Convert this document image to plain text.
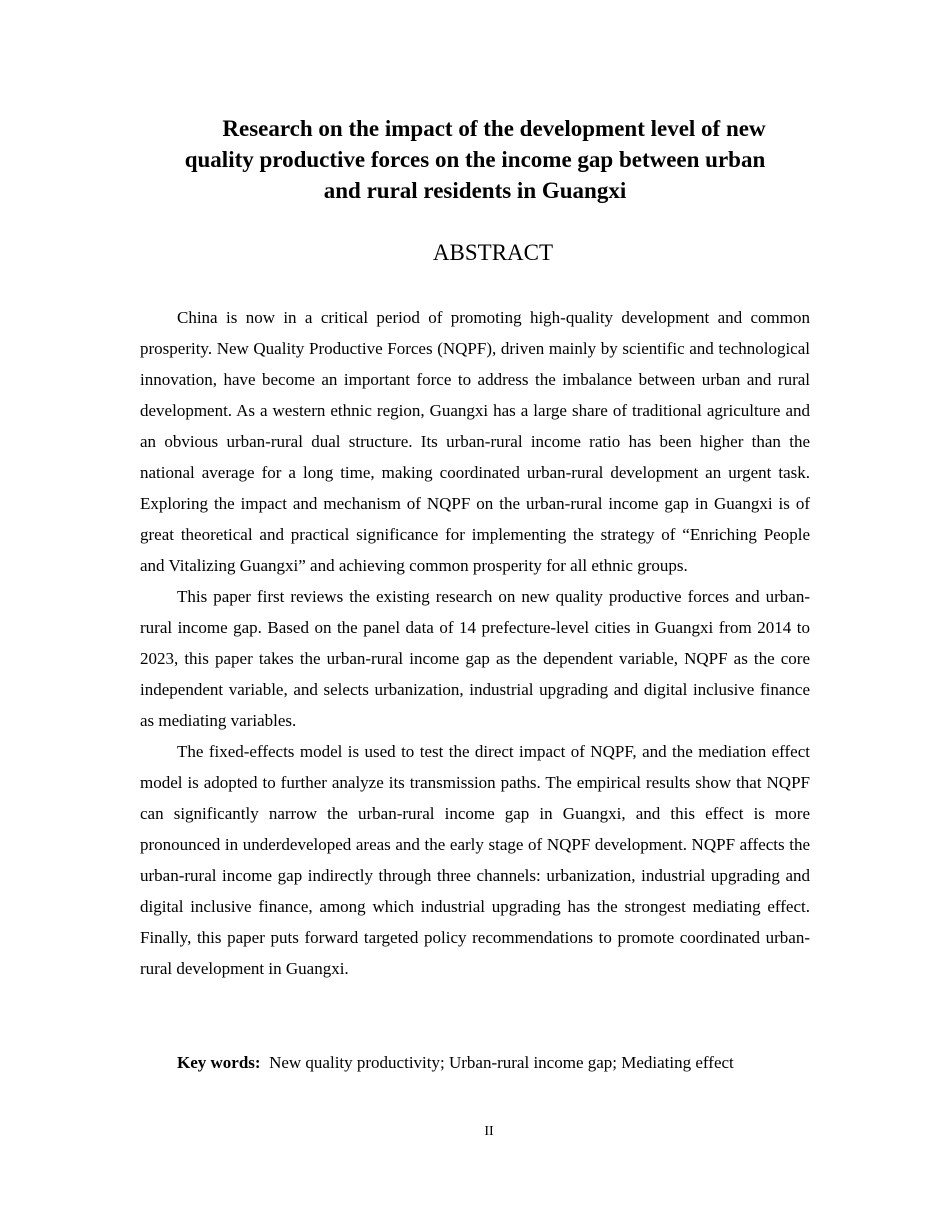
Research on the impact of the development level of new
quality productive forces on the income gap between urban
and rural residents in Guangxi
ABSTRACT

China is now in a critical period of promoting high-quality development and common prosperity. New Quality Productive Forces (NQPF), driven mainly by scientific and technological innovation, have become an important force to address the imbalance between urban and rural development. As a western ethnic region, Guangxi has a large share of traditional agriculture and an obvious urban-rural dual structure. Its urban-rural income ratio has been higher than the national average for a long time, making coordinated urban-rural development an urgent task. Exploring the impact and mechanism of NQPF on the urban-rural income gap in Guangxi is of great theoretical and practical significance for implementing the strategy of “Enriching People and Vitalizing Guangxi” and achieving common prosperity for all ethnic groups.

This paper first reviews the existing research on new quality productive forces and urban-rural income gap. Based on the panel data of 14 prefecture-level cities in Guangxi from 2014 to 2023, this paper takes the urban-rural income gap as the dependent variable, NQPF as the core independent variable, and selects urbanization, industrial upgrading and digital inclusive finance as mediating variables.

The fixed-effects model is used to test the direct impact of NQPF, and the mediation effect model is adopted to further analyze its transmission paths. The empirical results show that NQPF can significantly narrow the urban-rural income gap in Guangxi, and this effect is more pronounced in underdeveloped areas and the early stage of NQPF development. NQPF affects the urban-rural income gap indirectly through three channels: urbanization, industrial upgrading and digital inclusive finance, among which industrial upgrading has the strongest mediating effect. Finally, this paper puts forward targeted policy recommendations to promote coordinated urban-rural development in Guangxi.

Key words: New quality productivity; Urban-rural income gap; Mediating effect
II
